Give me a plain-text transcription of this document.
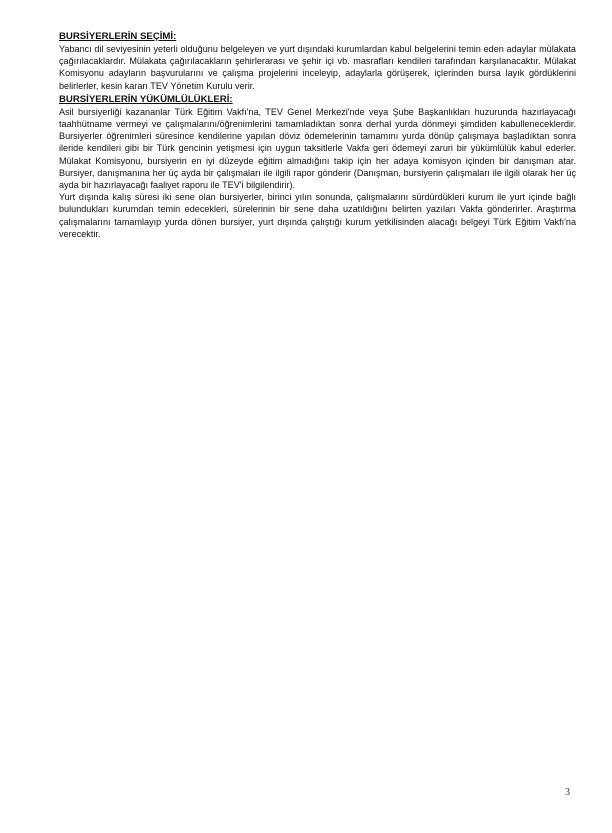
BURSİYERLERİN SEÇİMİ:

Yabancı dil seviyesinin yeterli olduğunu belgeleyen ve yurt dışındaki kurumlardan kabul belgelerini temin eden adaylar mülakata çağırılacaklardır. Mülakata çağırılacakların şehirlerarası ve şehir içi vb. masrafları kendileri tarafından karşılanacaktır. Mülakat Komisyonu adayların başvurularını ve çalışma projelerini inceleyip, adaylarla görüşerek, içlerinden bursa layık gördüklerini belirlerler, kesin kararı TEV Yönetim Kurulu verir.

BURSİYERLERİN YÜKÜMLÜLÜKLERİ:

Asil bursiyerliği kazananlar Türk Eğitim Vakfı'na, TEV Genel Merkezi'nde veya Şube Başkanlıkları huzurunda hazırlayacağı taahhütname vermeyi ve çalışmalarını/öğrenimlerini tamamladıktan sonra derhal yurda dönmeyi şimdiden kabulleneceklerdir. Bursiyerler öğrenimleri süresince kendilerine yapılan döviz ödemelerinin tamamını yurda dönüp çalışmaya başladıktan sonra ileride kendileri gibi bir Türk gencinin yetişmesi için uygun taksitlerle Vakfa geri ödemeyi zaruri bir yükümlülük kabul ederler. Mülakat Komisyonu, bursiyerin en iyi düzeyde eğitim almadığını takip için her adaya komisyon içinden bir danışman atar. Bursiyer, danışmanına her üç ayda bir çalışmaları ile ilgili rapor gönderir (Danışman, bursiyerin çalışmaları ile ilgili olarak her üç ayda bir hazırlayacağı faaliyet raporu ile TEV'i bilgilendirir).

Yurt dışında kalış süresi iki sene olan bursiyerler, birinci yılın sonunda, çalışmalarını sürdürdükleri kurum ile yurt içinde bağlı bulundukları kurumdan temin edecekleri, sürelerinin bir sene daha uzatıldığını belirten yazıları Vakfa gönderirler. Araştırma çalışmalarını tamamlayıp yurda dönen bursiyer, yurt dışında çalıştığı kurum yetkilisinden alacağı belgeyi Türk Eğitim Vakfı'na verecektir.

3
